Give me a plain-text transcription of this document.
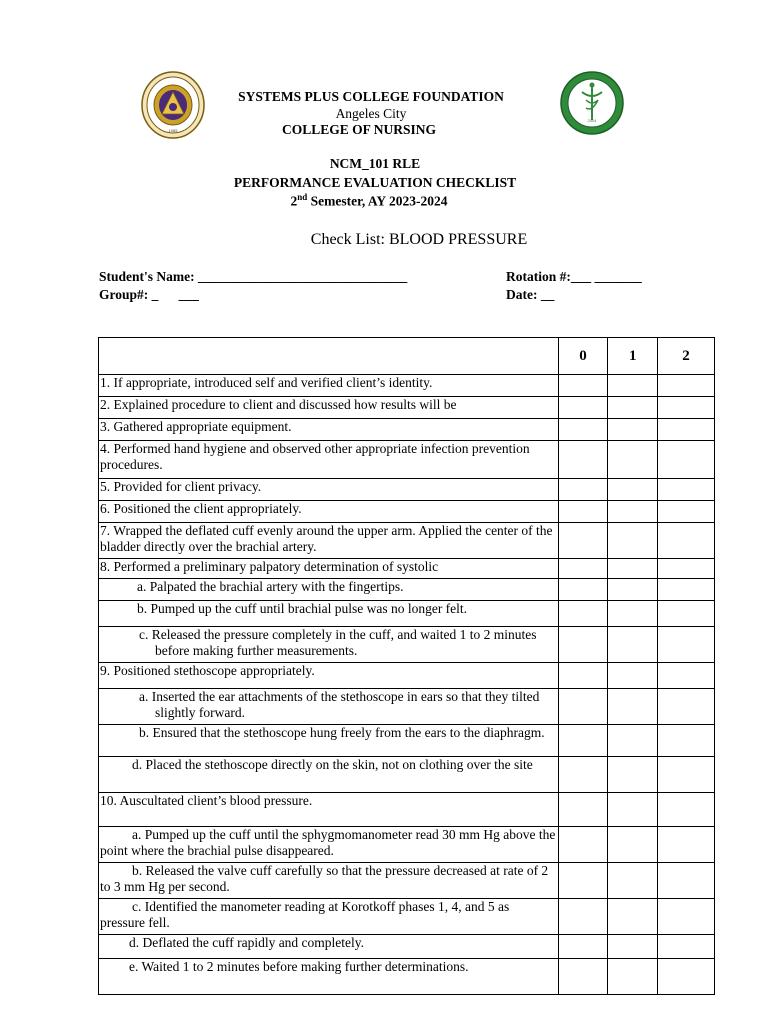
1985
2004
SYSTEMS PLUS COLLEGE FOUNDATION
Angeles City
COLLEGE OF NURSING
NCM_101 RLE
PERFORMANCE EVALUATION CHECKLIST
2nd Semester, AY 2023-2024
Check List: BLOOD PRESSURE
Student's Name: _______________________________
Group#: _      ___
Rotation #:___ _______
Date: __
	0	1	2
1. If appropriate, introduced self and verified client’s identity.			
2. Explained procedure to client and discussed how results will be			
3. Gathered appropriate equipment.			
4. Performed hand hygiene and observed other appropriate infection prevention procedures.			
5. Provided for client privacy.			
6. Positioned the client appropriately.			
7. Wrapped the deflated cuff evenly around the upper arm. Applied the center of the bladder directly over the brachial artery.			
8. Performed a preliminary palpatory determination of systolic			
a. Palpated the brachial artery with the fingertips.			
b. Pumped up the cuff until brachial pulse was no longer felt.			
c. Released the pressure completely in the cuff, and waited 1 to 2 minutes before making further measurements.			
9. Positioned stethoscope appropriately.			
a. Inserted the ear attachments of the stethoscope in ears so that they tilted slightly forward.			
b. Ensured that the stethoscope hung freely from the ears to the diaphragm.			
d. Placed the stethoscope directly on the skin, not on clothing over the site			
10. Auscultated client’s blood pressure.			
a. Pumped up the cuff until the sphygmomanometer read 30 mm Hg above the point where the brachial pulse disappeared.			
b. Released the valve cuff carefully so that the pressure decreased at rate of 2 to 3 mm Hg per second.			
c. Identified the manometer reading at Korotkoff phases 1, 4, and 5 as pressure fell.			
d. Deflated the cuff rapidly and completely.			
e. Waited 1 to 2 minutes before making further determinations.			
